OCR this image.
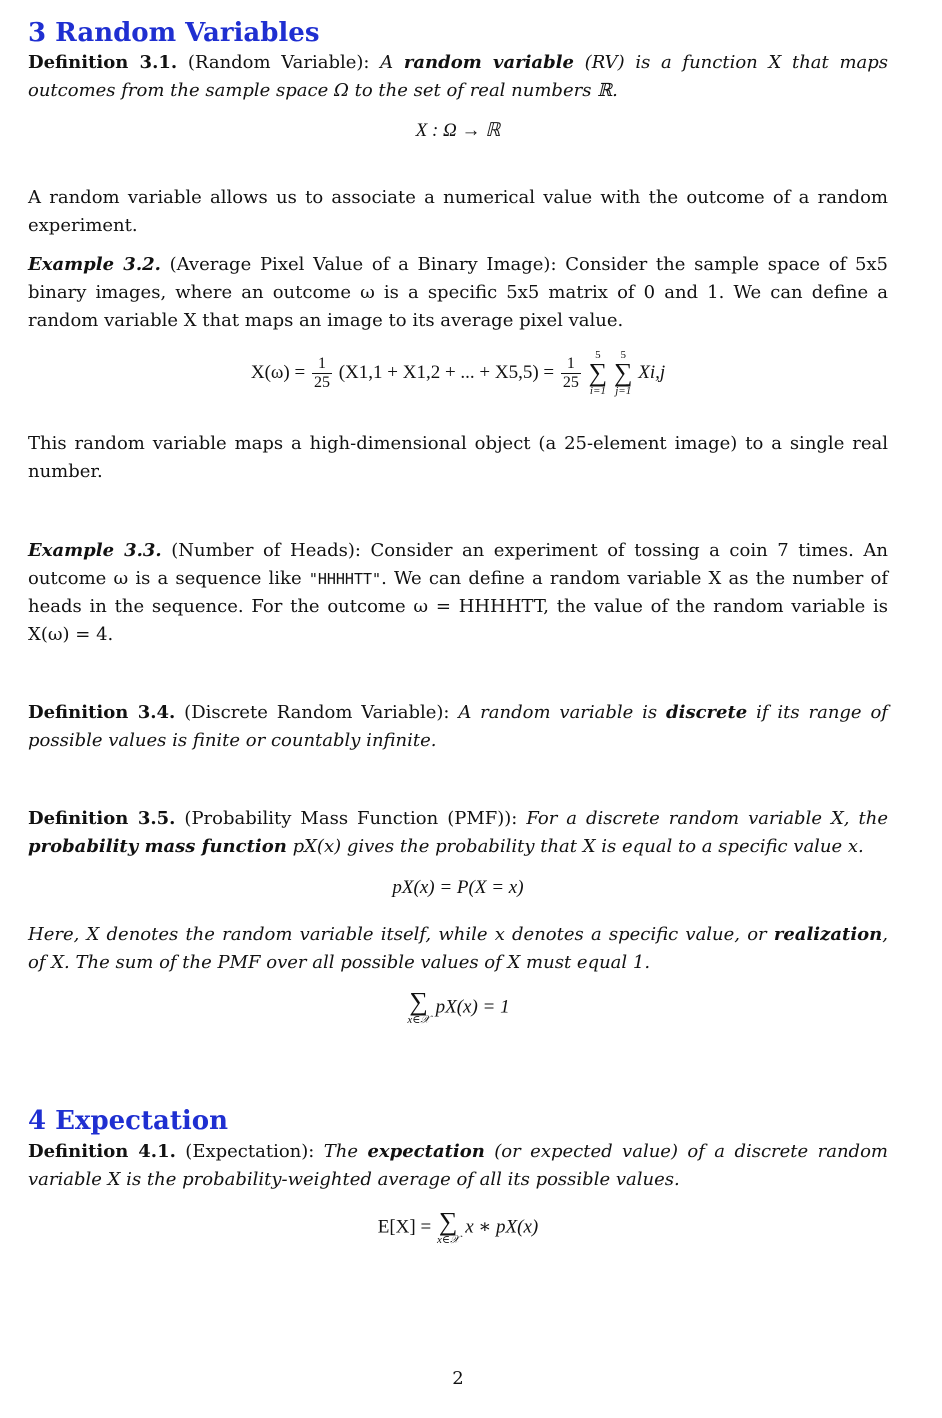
3 Random Variables
Definition 3.1. (Random Variable): A random variable (RV) is a function X that maps outcomes from the sample space Ω to the set of real numbers ℝ.
X : Ω → ℝ
A random variable allows us to associate a numerical value with the outcome of a random experiment.
Example 3.2. (Average Pixel Value of a Binary Image): Consider the sample space of 5x5 binary images, where an outcome ω is a specific 5x5 matrix of 0 and 1. We can define a random variable X that maps an image to its average pixel value.
$X(\omega) = \frac{1}{25} (X1,1 + X1,2$ + ... + $X5,5) = \frac{1}{25}$
	5
∑
i=1

5
∑
j=1
Xi,j
This random variable maps a high-dimensional object (a 25-element image) to a single real number.
Example 3.3. (Number of Heads): Consider an experiment of tossing a coin 7 times. An outcome ω is a sequence like "HHHHTT". We can define a random variable X as the number of heads in the sequence. For the outcome ω = HHHHTT, the value of the random variable is X(ω) = 4.
Definition 3.4. (Discrete Random Variable): A random variable is discrete if its range of possible values is finite or countably infinite.
Definition 3.5. (Probability Mass Function (PMF)): For a discrete random variable X, the probability mass function pX(x) gives the probability that X is equal to a specific value x.
pX(x) = P(X = x)
Here, X denotes the random variable itself, while x denotes a specific value, or realization, of X. The sum of the PMF over all possible values of X must equal 1.
∑
x∈𝒳
pX(x) = 1
4 Expectation
Definition 4.1. (Expectation): The expectation (or expected value) of a discrete random variable X is the probability-weighted average of all its possible values.
E[X] = ∑
x∈𝒳
x ∗ pX(x)
2
